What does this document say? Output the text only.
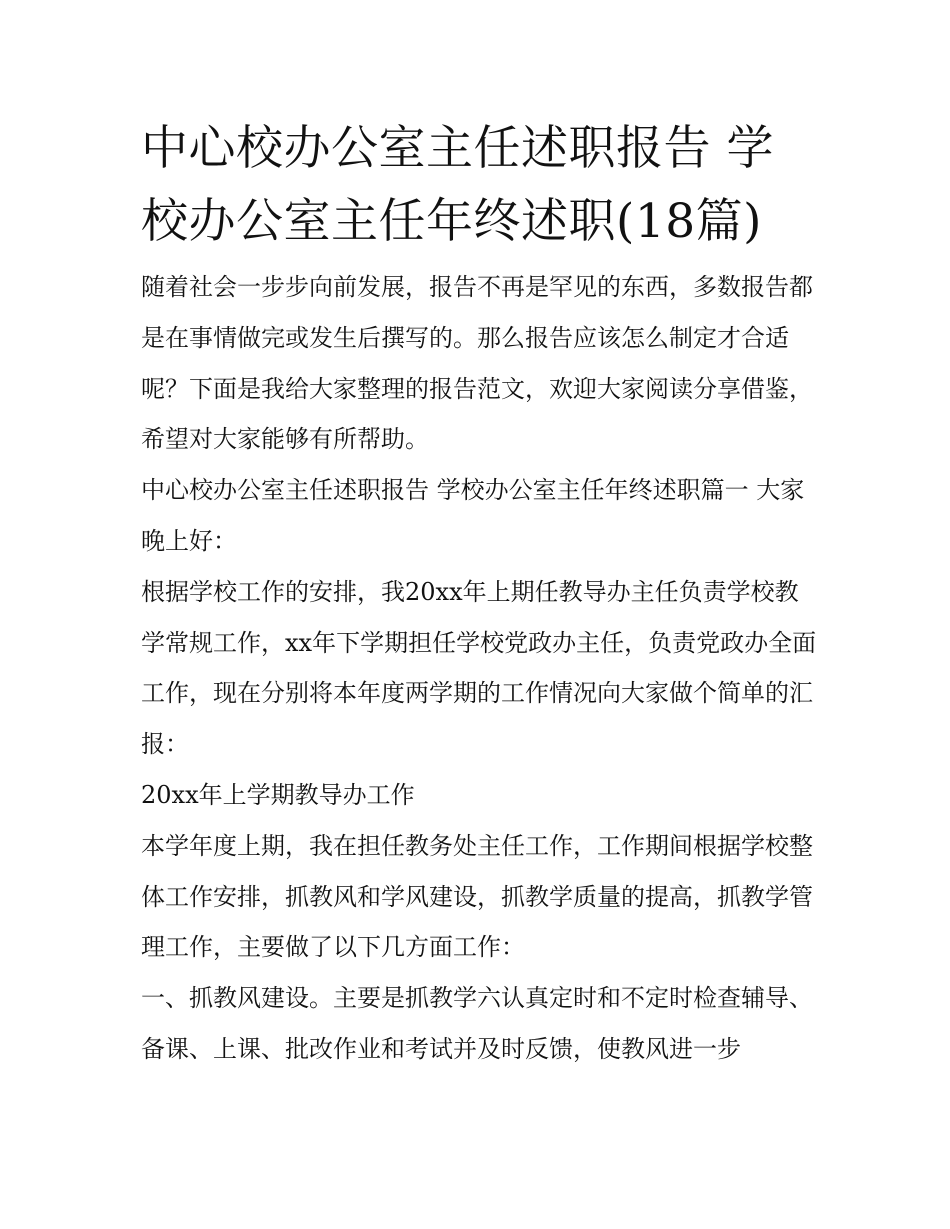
中心校办公室主任述职报告 学校办公室主任年终述职(18篇)

随着社会一步步向前发展，报告不再是罕见的东西，多数报告都是在事情做完或发生后撰写的。那么报告应该怎么制定才合适呢？下面是我给大家整理的报告范文，欢迎大家阅读分享借鉴，希望对大家能够有所帮助。

中心校办公室主任述职报告 学校办公室主任年终述职篇一 大家晚上好：

根据学校工作的安排，我20xx年上期任教导办主任负责学校教学常规工作，xx年下学期担任学校党政办主任，负责党政办全面工作，现在分别将本年度两学期的工作情况向大家做个简单的汇报：

20xx年上学期教导办工作

本学年度上期，我在担任教务处主任工作，工作期间根据学校整体工作安排，抓教风和学风建设，抓教学质量的提高，抓教学管理工作，主要做了以下几方面工作：

一、抓教风建设。主要是抓教学六认真定时和不定时检查辅导、备课、上课、批改作业和考试并及时反馈，使教风进一步
